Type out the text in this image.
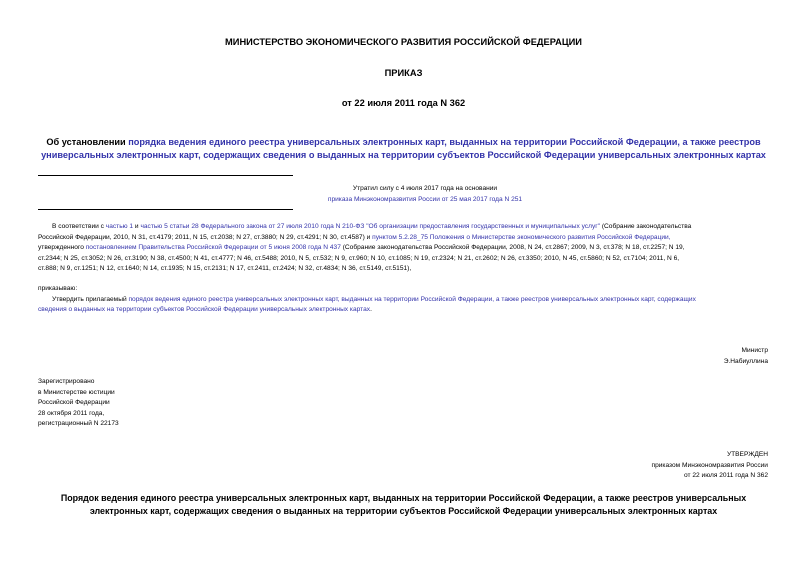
МИНИСТЕРСТВО ЭКОНОМИЧЕСКОГО РАЗВИТИЯ РОССИЙСКОЙ ФЕДЕРАЦИИ
ПРИКАЗ
от 22 июля 2011 года N 362

Об установлении порядка ведения единого реестра универсальных электронных карт, выданных на территории Российской Федерации, а также реестров

универсальных электронных карт, содержащих сведения о выданных на территории субъектов Российской Федерации универсальных электронных картах

Утратил силу с 4 июля 2017 года на основании

приказа Минэкономразвития России от 25 мая 2017 года N 251

В соответствии с частью 1 и частью 5 статьи 28 Федерального закона от 27 июля 2010 года N 210-ФЗ "Об организации предоставления государственных и муниципальных услуг" (Собрание законодательства

Российской Федерации, 2010, N 31, ст.4179; 2011, N 15, ст.2038; N 27, ст.3880; N 29, ст.4291; N 30, ст.4587) и пунктом 5.2.28_75 Положения о Министерстве экономического развития Российской Федерации,

утвержденного постановлением Правительства Российской Федерации от 5 июня 2008 года N 437 (Собрание законодательства Российской Федерации, 2008, N 24, ст.2867; 2009, N 3, ст.378; N 18, ст.2257; N 19,

ст.2344; N 25, ст.3052; N 26, ст.3190; N 38, ст.4500; N 41, ст.4777; N 46, ст.5488; 2010, N 5, ст.532; N 9, ст.960; N 10, ст.1085; N 19, ст.2324; N 21, ст.2602; N 26, ст.3350; 2010, N 45, ст.5860; N 52, ст.7104; 2011, N 6,

ст.888; N 9, ст.1251; N 12, ст.1640; N 14, ст.1935; N 15, ст.2131; N 17, ст.2411, ст.2424; N 32, ст.4834; N 36, ст.5149, ст.5151),

приказываю:

Утвердить прилагаемый порядок ведения единого реестра универсальных электронных карт, выданных на территории Российской Федерации, а также реестров универсальных электронных карт, содержащих

сведения о выданных на территории субъектов Российской Федерации универсальных электронных картах.

Министр

Э.Набиуллина

Зарегистрировано

в Министерстве юстиции

Российской Федерации

28 октября 2011 года,

регистрационный N 22173

УТВЕРЖДЕН

приказом Минэкономразвития России

от 22 июля 2011 года N 362

Порядок ведения единого реестра универсальных электронных карт, выданных на территории Российской Федерации, а также реестров универсальных

электронных карт, содержащих сведения о выданных на территории субъектов Российской Федерации универсальных электронных картах
